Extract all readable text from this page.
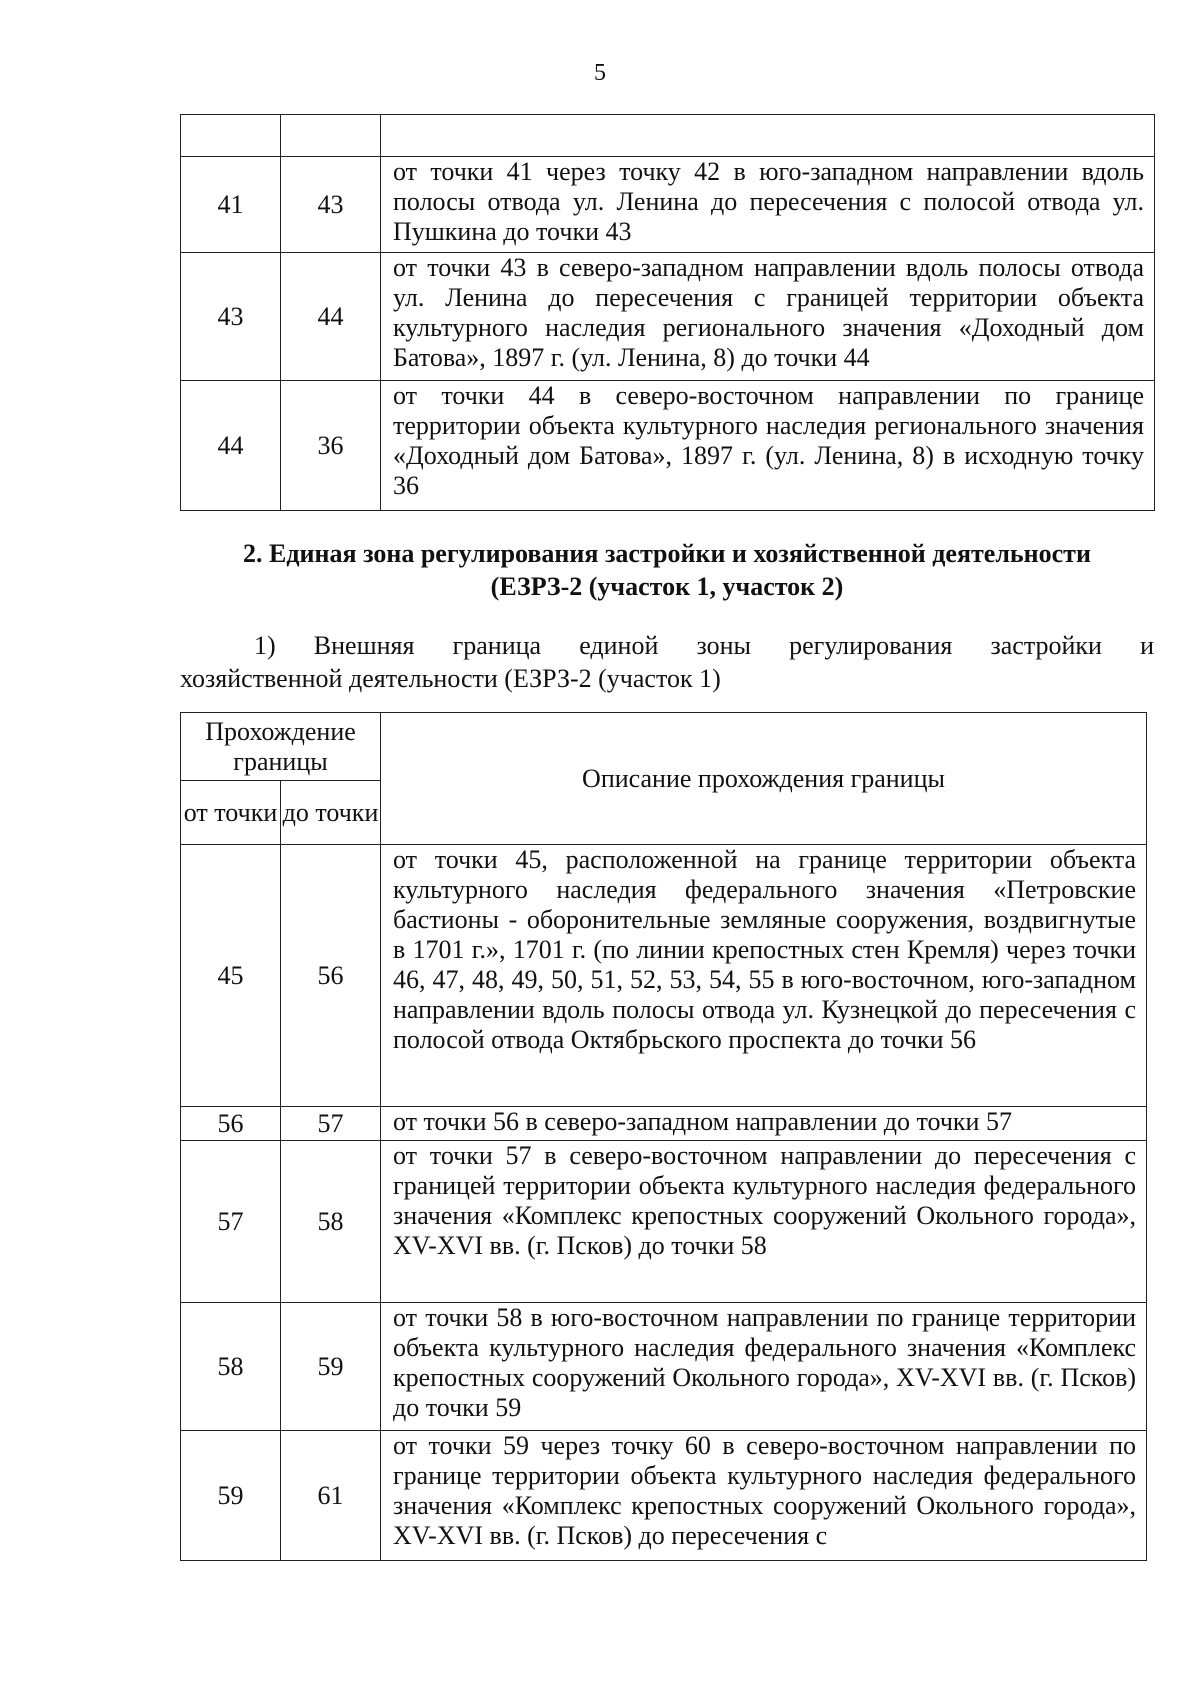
5

41	43	от точки 41 через точку 42 в юго-западном направлении вдоль полосы отвода ул. Ленина до пересечения с полосой отвода ул. Пушкина до точки 43
43	44	от точки 43 в северо-западном направлении вдоль полосы отвода ул. Ленина до пересечения с границей территории объекта культурного наследия регионального значения «Доходный дом Батова», 1897 г. (ул. Ленина, 8) до точки 44
44	36	от точки 44 в северо-восточном направлении по границе территории объекта культурного наследия регионального значения «Доходный дом Батова», 1897 г. (ул. Ленина, 8) в исходную точку 36
2. Единая зона регулирования застройки и хозяйственной деятельности
(ЕЗРЗ-2 (участок 1, участок 2)
1) Внешняя граница единой зоны регулирования застройки и
хозяйственной деятельности (ЕЗРЗ-2 (участок 1)
Прохождение границы		Описание прохождения границы
от точки	до точки	
45	56	от точки 45, расположенной на границе территории объекта культурного наследия федерального значения «Петровские бастионы - оборонительные земляные сооружения, воздвигнутые в 1701 г.», 1701 г. (по линии крепостных стен Кремля) через точки 46, 47, 48, 49, 50, 51, 52, 53, 54, 55 в юго-восточном, юго-западном направлении вдоль полосы отвода ул. Кузнецкой до пересечения с полосой отвода Октябрьского проспекта до точки 56
56	57	от точки 56 в северо-западном направлении до точки 57
57	58	от точки 57 в северо-восточном направлении до пересечения с границей территории объекта культурного наследия федерального значения «Комплекс крепостных сооружений Окольного города», XV-XVI вв. (г. Псков) до точки 58
58	59	от точки 58 в юго-восточном направлении по границе территории объекта культурного наследия федерального значения «Комплекс крепостных сооружений Окольного города», XV-XVI вв. (г. Псков) до точки 59
59	61	от точки 59 через точку 60 в северо-восточном направлении по границе территории объекта культурного наследия федерального значения «Комплекс крепостных сооружений Окольного города», XV-XVI вв. (г. Псков) до пересечения с
